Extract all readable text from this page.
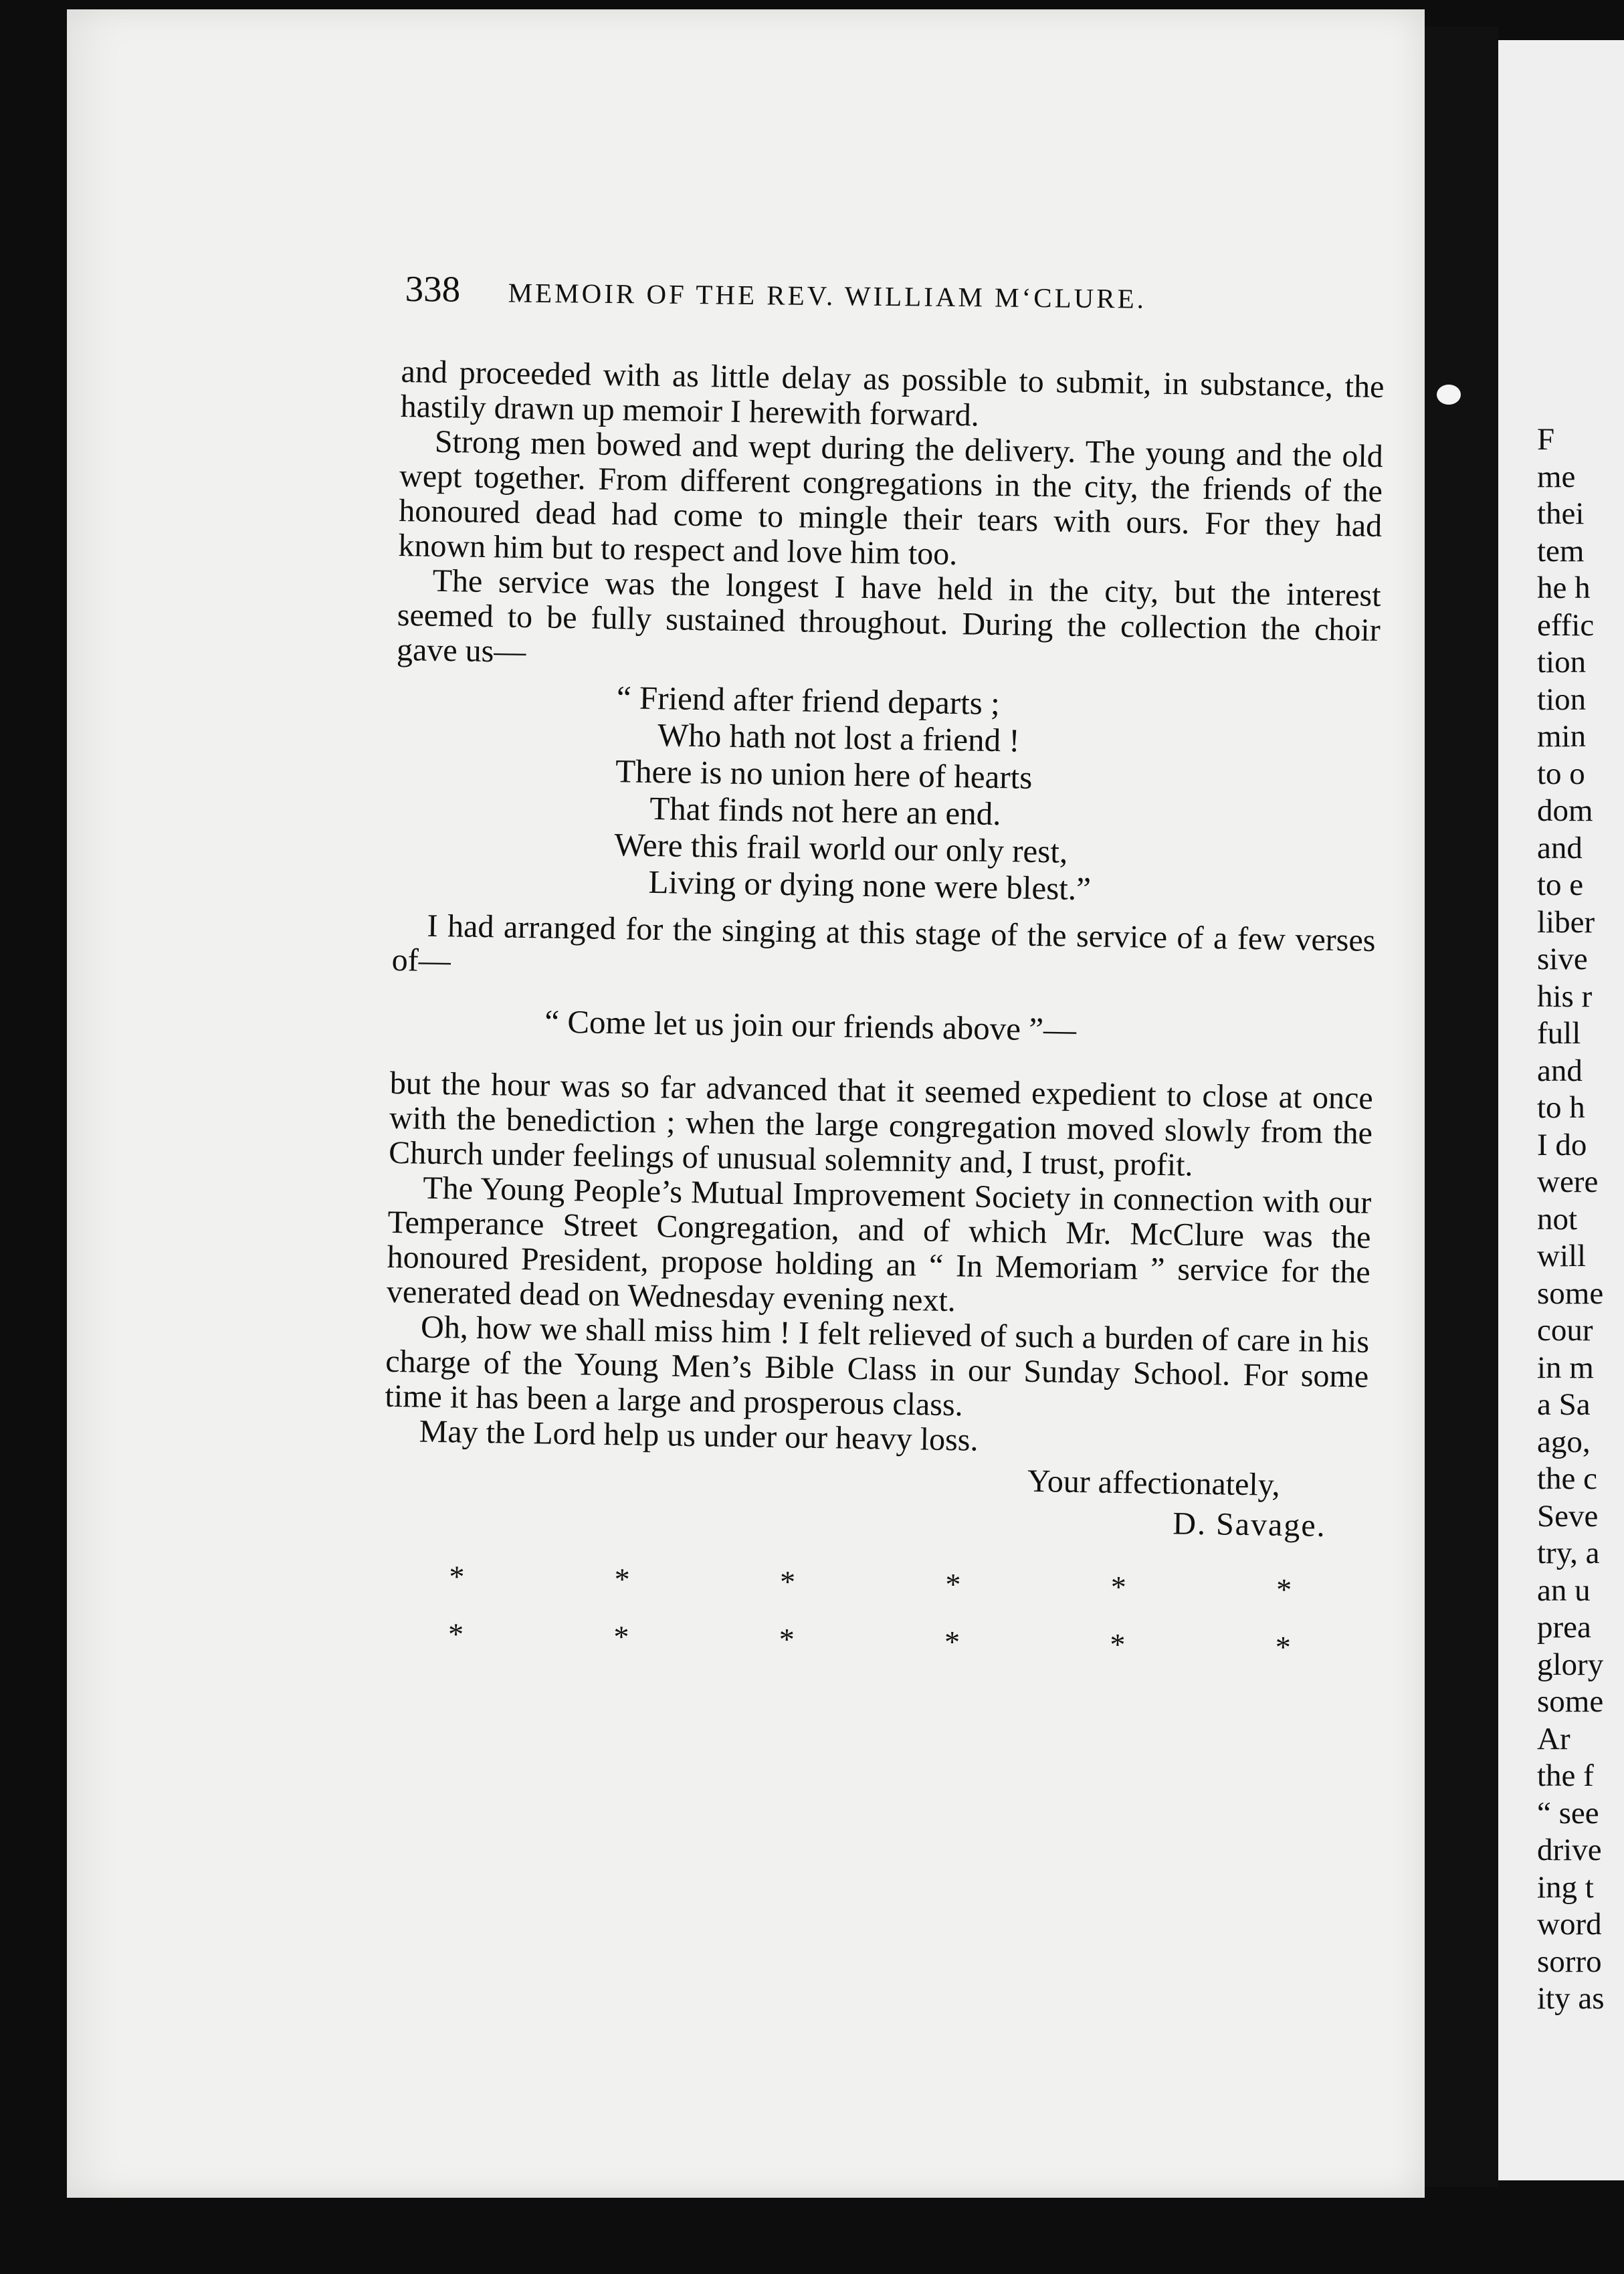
F
me
thei
tem
he h
effic
tion
tion
min
to o
dom
and
to e
liber
sive
his r
full
and
to h
I do
were
not
will
some
cour
in m
a Sa
ago,
the c
Seve
try, a
an u
prea
glory
some
Ar
the f
“ see
drive
ing t
word
sorro
ity as
338 MEMOIR OF THE REV. WILLIAM M‘CLURE.

and proceeded with as little delay as possible to submit, in substance, the hastily drawn up memoir I herewith forward.

Strong men bowed and wept during the delivery. The young and the old wept together. From different congregations in the city, the friends of the honoured dead had come to mingle their tears with ours. For they had known him but to respect and love him too.

The service was the longest I have held in the city, but the interest seemed to be fully sustained throughout. During the collection the choir gave us—

“ Friend after friend departs ;
Who hath not lost a friend !
There is no union here of hearts
That finds not here an end.
Were this frail world our only rest,
Living or dying none were blest.”

I had arranged for the singing at this stage of the service of a few verses of—

“ Come let us join our friends above ”—

but the hour was so far advanced that it seemed expedient to close at once with the benediction ; when the large congregation moved slowly from the Church under feelings of unusual solemnity and, I trust, profit.

The Young People’s Mutual Improvement Society in connection with our Temperance Street Congregation, and of which Mr. McClure was the honoured President, propose holding an “ In Memoriam ” service for the venerated dead on Wednesday evening next.

Oh, how we shall miss him ! I felt relieved of such a burden of care in his charge of the Young Men’s Bible Class in our Sunday School. For some time it has been a large and prosperous class.

May the Lord help us under our heavy loss.

Your affectionately,
D. Savage.
*	*	*	*	*	*
*	*	*	*	*	*
